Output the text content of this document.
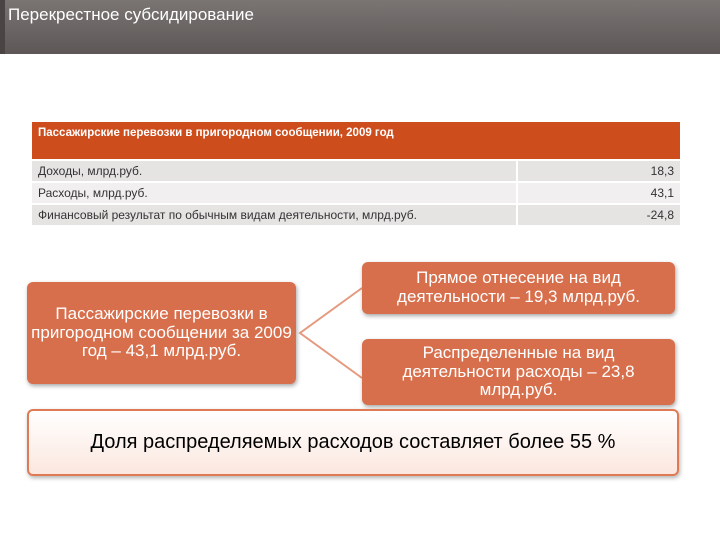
Перекрестное субсидирование
Пассажирские перевозки в пригородном сообщении, 2009 год	
Доходы, млрд.руб.	18,3
Расходы, млрд.руб.	43,1
Финансовый результат по обычным видам деятельности, млрд.руб.	-24,8
Пассажирские перевозки в пригородном сообщении за 2009 год – 43,1 млрд.руб.
Прямое отнесение на вид деятельности – 19,3 млрд.руб.
Распределенные на вид деятельности расходы – 23,8 млрд.руб.
Доля распределяемых расходов составляет более 55 %
